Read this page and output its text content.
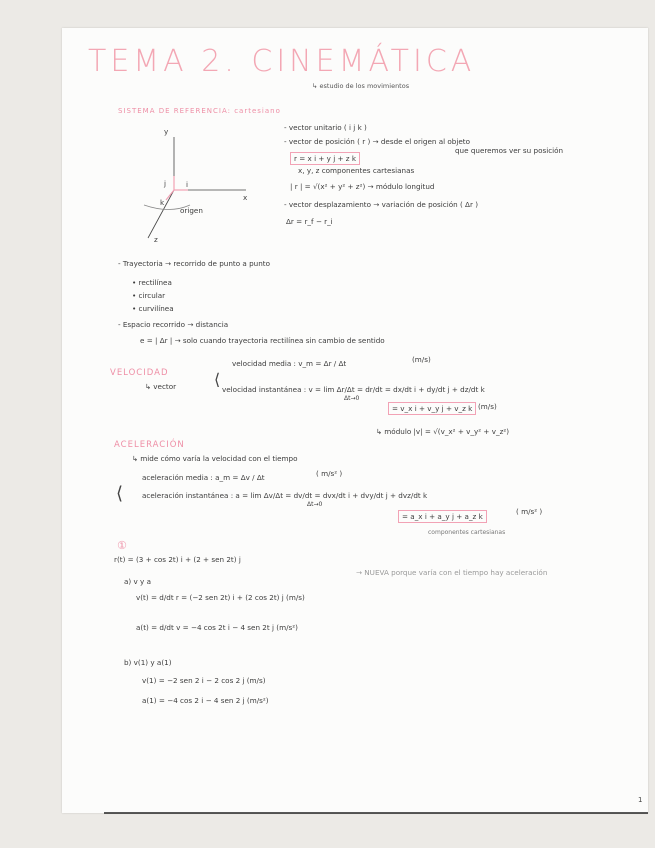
TEMA 2. CINEMÁTICA
↳ estudio de los movimientos
SISTEMA DE REFERENCIA: cartesiano
y
x
z
origen
j	i
k
- vector unitario ( i j k )
- vector de posición ( r ) → desde el origen al objeto
que queremos ver su posición
r = x i + y j + z k
x, y, z componentes cartesianas
| r | = √(x² + y² + z²) → módulo longitud
- vector desplazamiento → variación de posición ( Δr )
Δr = r_f − r_i
- Trayectoria → recorrido de punto a punto
• rectilínea
• circular
• curvilínea
- Espacio recorrido → distancia
e = | Δr | → solo cuando trayectoria rectilínea sin cambio de sentido
VELOCIDAD
↳ vector ⟨
velocidad media : v_m = Δr / Δt	(m/s)
velocidad instantánea : v = lim Δr/Δt = dr/dt = dx/dt i + dy/dt j + dz/dt k
Δt→0
= v_x i + v_y j + v_z k (m/s)
↳ módulo |v| = √(v_x² + v_y² + v_z²)
ACELERACIÓN
↳ mide cómo varía la velocidad con el tiempo
⟨
aceleración media : a_m = Δv / Δt	( m/s² )
aceleración instantánea : a = lim Δv/Δt = dv/dt = dvx/dt i + dvy/dt j + dvz/dt k
Δt→0
= a_x i + a_y j + a_z k
( m/s² )
componentes cartesianas
①
r(t) = (3 + cos 2t) i + (2 + sen 2t) j
a) v y a
v(t) = d/dt r = (−2 sen 2t) i + (2 cos 2t) j (m/s)
→ NUEVA porque varía con el tiempo hay aceleración
a(t) = d/dt v = −4 cos 2t i − 4 sen 2t j (m/s²)
b) v(1) y a(1)
v(1) = −2 sen 2 i − 2 cos 2 j (m/s)
a(1) = −4 cos 2 i − 4 sen 2 j (m/s²)
1
